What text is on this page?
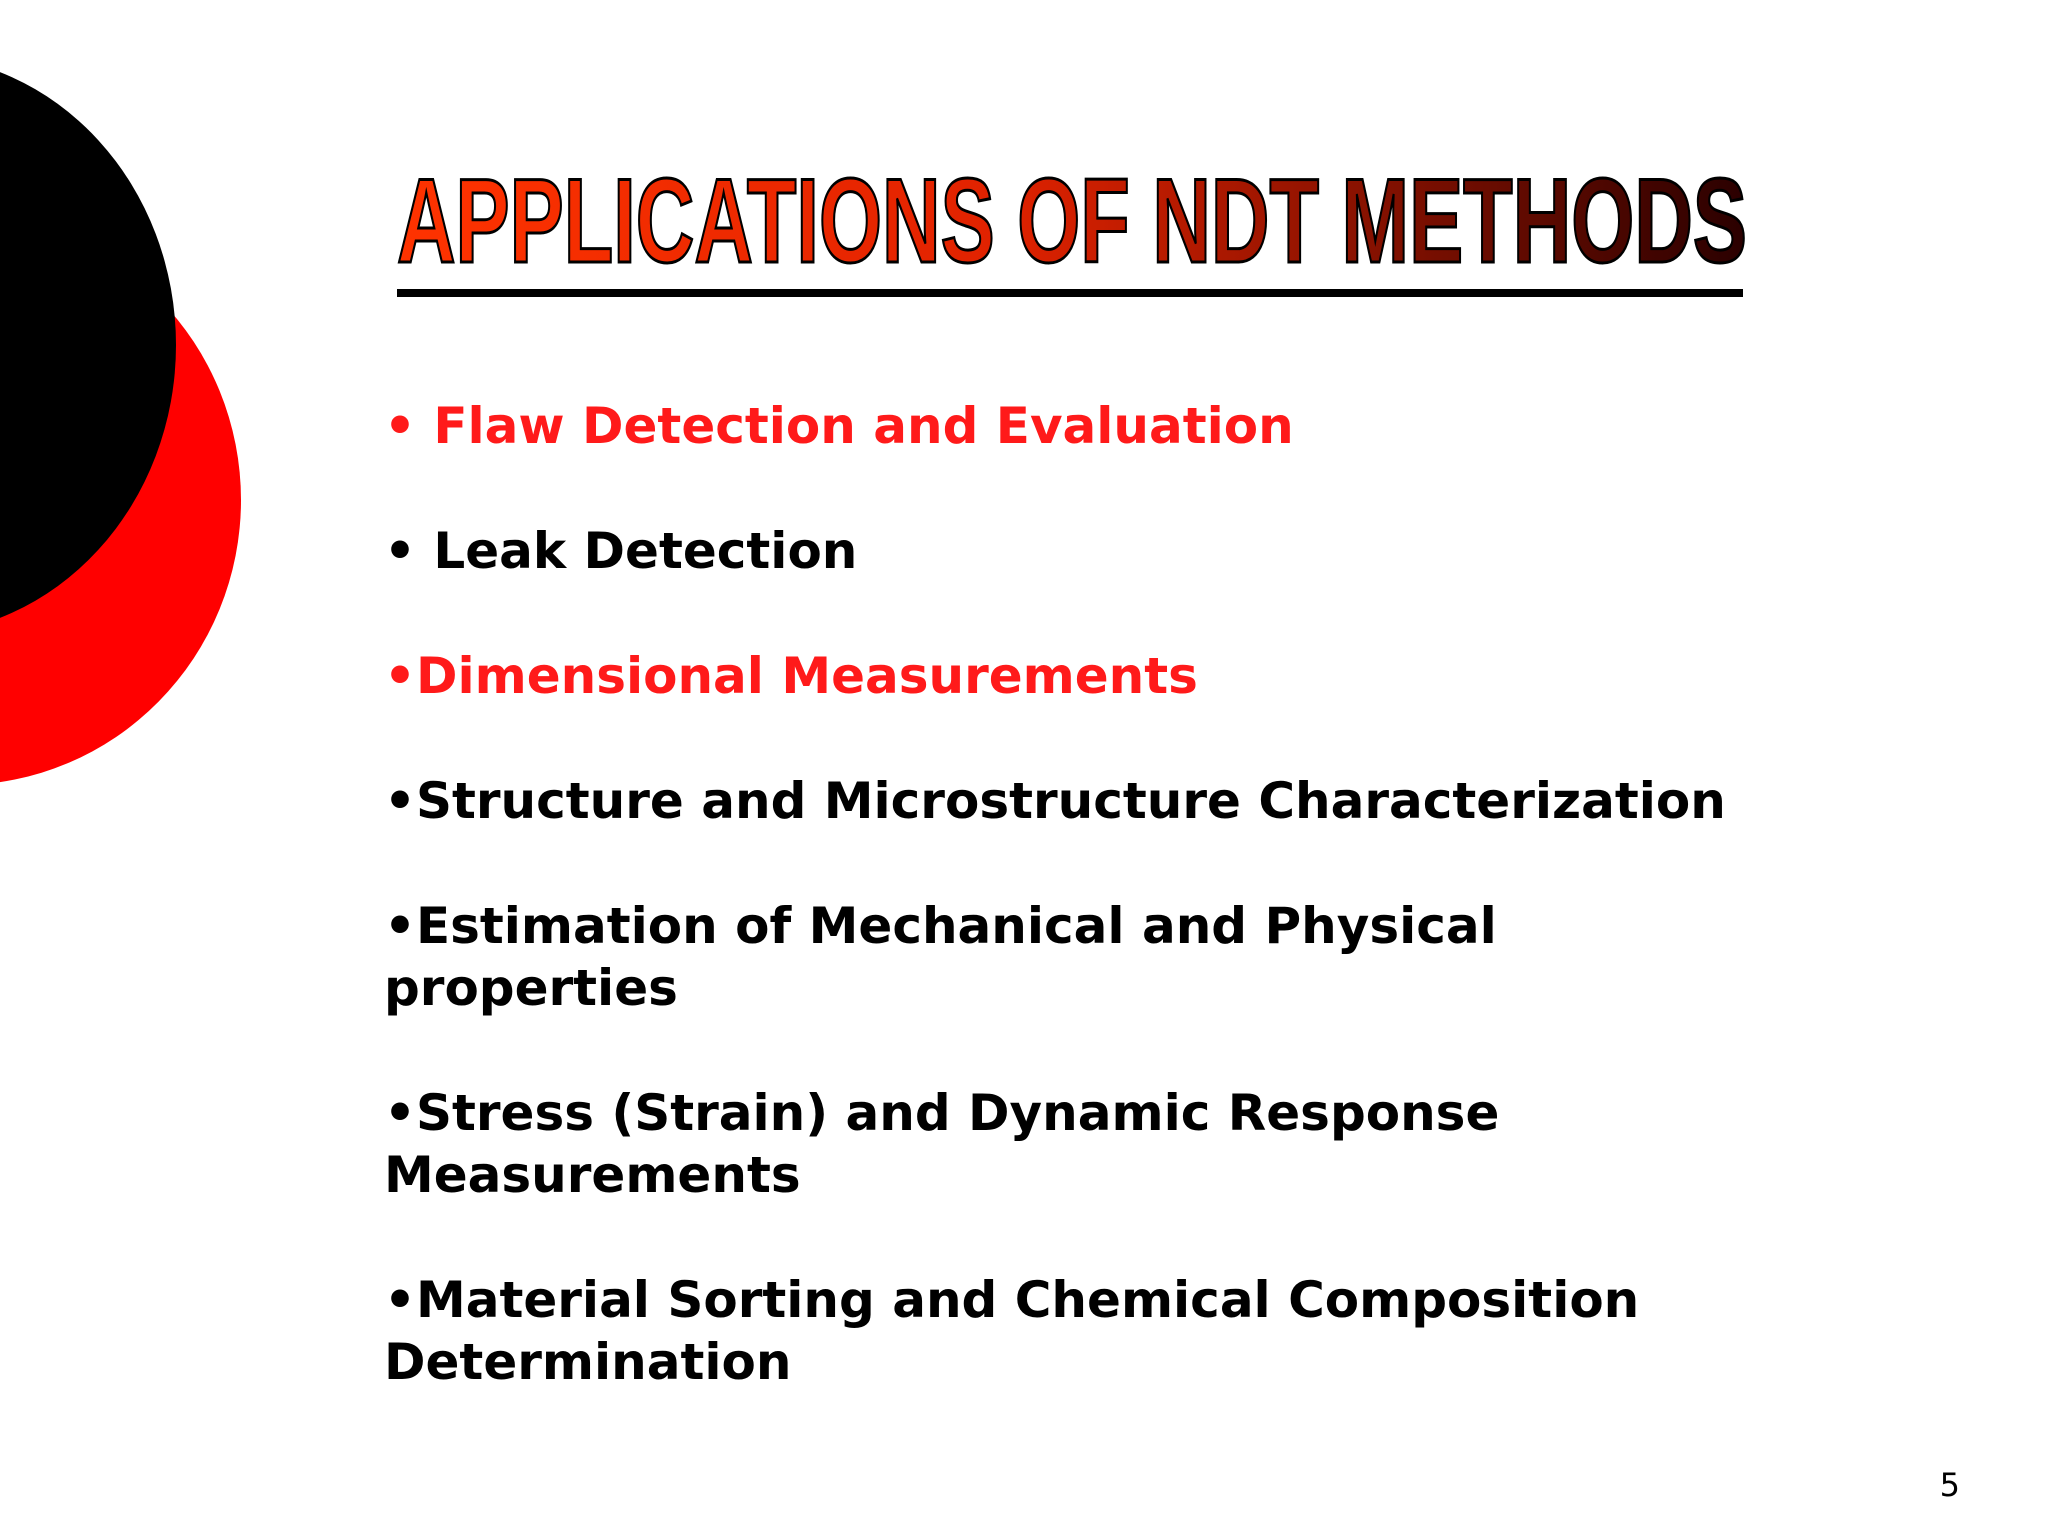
APPLICATIONS OF NDT METHODS
• Flaw Detection and Evaluation
• Leak Detection
•Dimensional Measurements
•Structure and Microstructure Characterization
•Estimation of Mechanical and Physical
properties
•Stress (Strain) and Dynamic Response
Measurements
•Material Sorting and Chemical Composition
Determination
5
